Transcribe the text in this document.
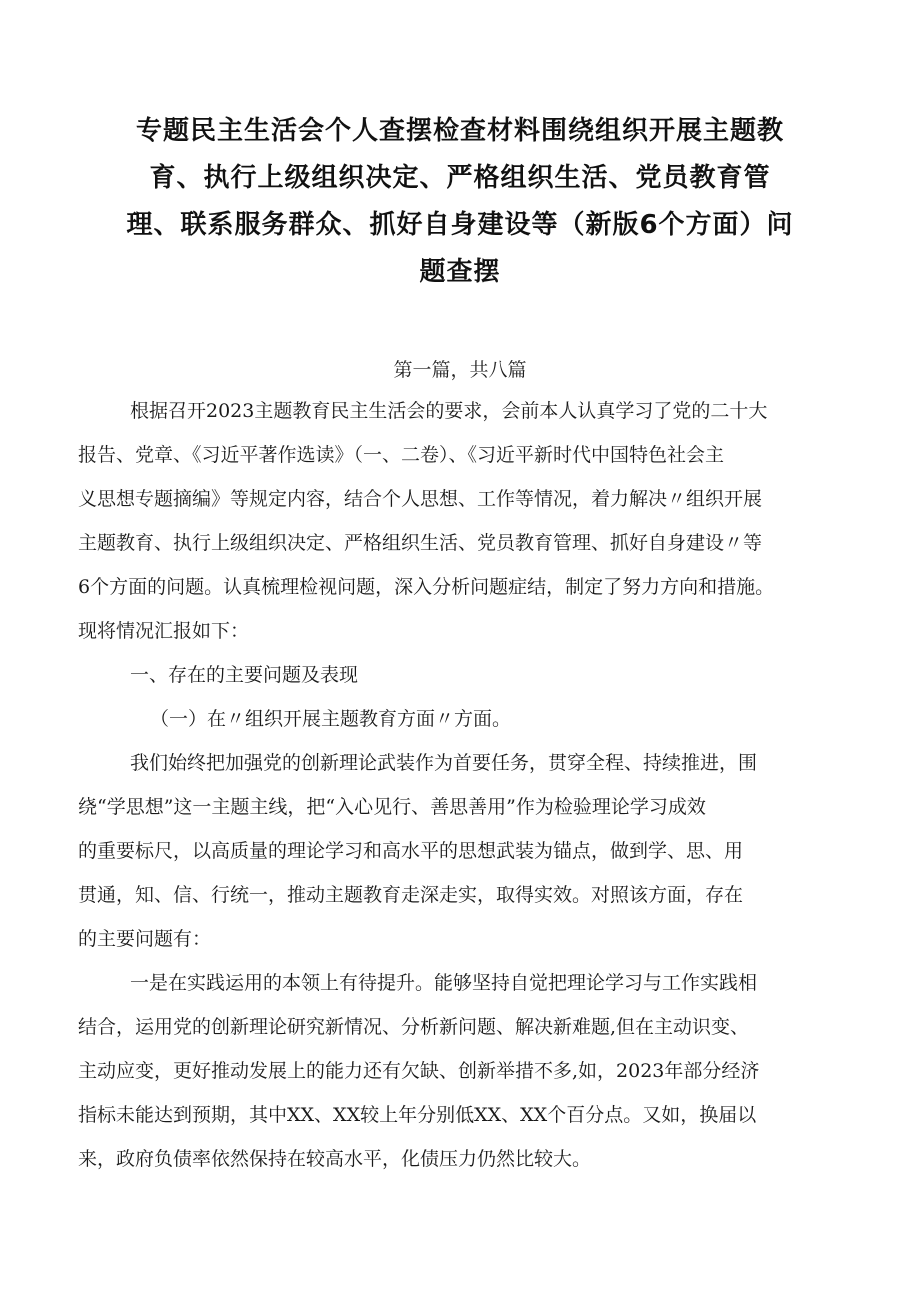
专题民主生活会个人查摆检查材料围绕组织开展主题教
育、执行上级组织决定、严格组织生活、党员教育管
理、联系服务群众、抓好自身建设等（新版6个方面）问
题查摆
第一篇，共八篇
根据召开2023主题教育民主生活会的要求，会前本人认真学习了党的二十大
报告、党章、《习近平著作选读》（一、二卷）、《习近平新时代中国特色社会主
义思想专题摘编》等规定内容，结合个人思想、工作等情况，着力解决〃组织开展
主题教育、执行上级组织决定、严格组织生活、党员教育管理、抓好自身建设〃等
6个方面的问题。认真梳理检视问题，深入分析问题症结，制定了努力方向和措施。
现将情况汇报如下：
一、存在的主要问题及表现
（一）在〃组织开展主题教育方面〃方面。
我们始终把加强党的创新理论武装作为首要任务，贯穿全程、持续推进，围
绕“学思想”这一主题主线，把“入心见行、善思善用”作为检验理论学习成效
的重要标尺，以高质量的理论学习和高水平的思想武装为锚点，做到学、思、用
贯通，知、信、行统一，推动主题教育走深走实，取得实效。对照该方面，存在
的主要问题有：
一是在实践运用的本领上有待提升。能够坚持自觉把理论学习与工作实践相
结合，运用党的创新理论研究新情况、分析新问题、解决新难题,但在主动识变、
主动应变，更好推动发展上的能力还有欠缺、创新举措不多,如，2023年部分经济
指标未能达到预期，其中XX、XX较上年分别低XX、XX个百分点。又如，换届以
来，政府负债率依然保持在较高水平，化债压力仍然比较大。
